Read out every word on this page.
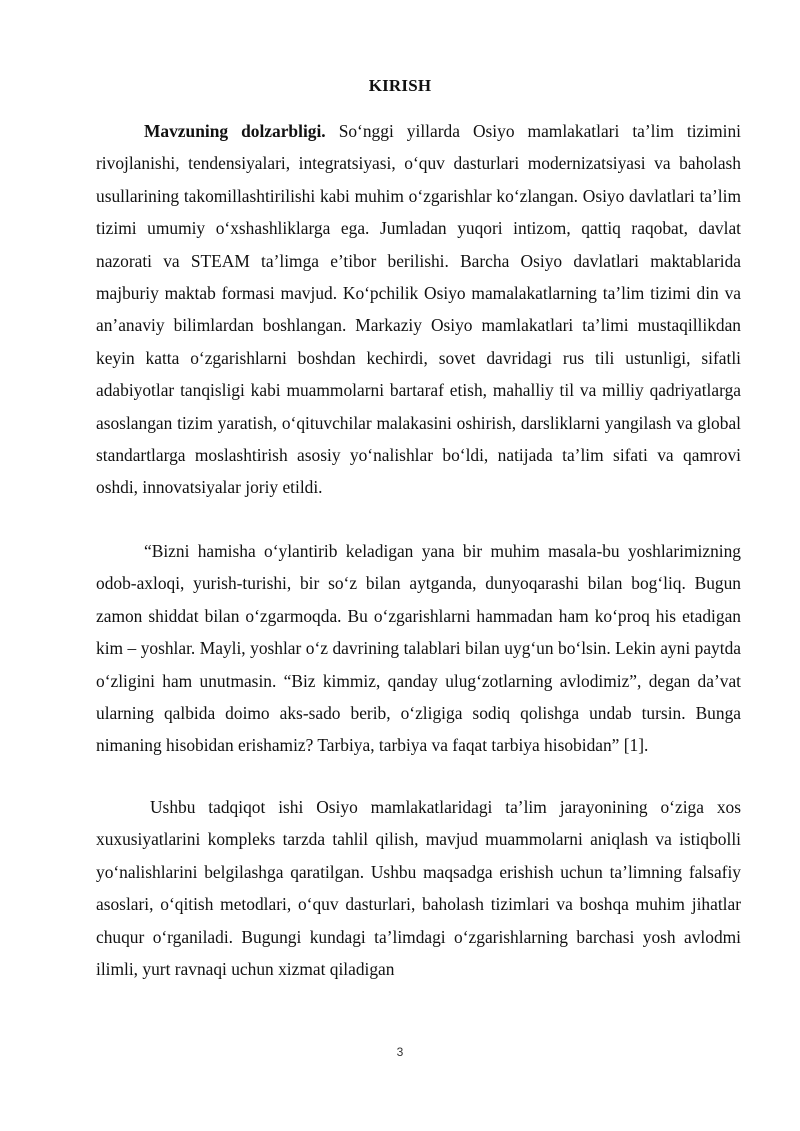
KIRISH

Mavzuning dolzarbligi. So‘nggi yillarda Osiyo mamlakatlari ta’lim tizimini rivojlanishi, tendensiyalari, integratsiyasi, o‘quv dasturlari modernizatsiyasi va baholash usullarining takomillashtirilishi kabi muhim o‘zgarishlar ko‘zlangan. Osiyo davlatlari ta’lim tizimi umumiy o‘xshashliklarga ega. Jumladan yuqori intizom, qattiq raqobat, davlat nazorati va STEAM ta’limga e’tibor berilishi. Barcha Osiyo davlatlari maktablarida majburiy maktab formasi mavjud. Ko‘pchilik Osiyo mamalakatlarning ta’lim tizimi din va an’anaviy bilimlardan boshlangan. Markaziy Osiyo mamlakatlari ta’limi mustaqillikdan keyin katta o‘zgarishlarni boshdan kechirdi, sovet davridagi rus tili ustunligi, sifatli adabiyotlar tanqisligi kabi muammolarni bartaraf etish, mahalliy til va milliy qadriyatlarga asoslangan tizim yaratish, o‘qituvchilar malakasini oshirish, darsliklarni yangilash va global standartlarga moslashtirish asosiy yo‘nalishlar bo‘ldi, natijada ta’lim sifati va qamrovi oshdi, innovatsiyalar joriy etildi.

“Bizni hamisha o‘ylantirib keladigan yana bir muhim masala-bu yoshlarimizning odob-axloqi, yurish-turishi, bir so‘z bilan aytganda, dunyoqarashi bilan bog‘liq. Bugun zamon shiddat bilan o‘zgarmoqda. Bu o‘zgarishlarni hammadan ham ko‘proq his etadigan kim – yoshlar. Mayli, yoshlar o‘z davrining talablari bilan uyg‘un bo‘lsin. Lekin ayni paytda o‘zligini ham unutmasin. “Biz kimmiz, qanday ulug‘zotlarning avlodimiz”, degan da’vat ularning qalbida doimo aks-sado berib, o‘zligiga sodiq qolishga undab tursin. Bunga nimaning hisobidan erishamiz? Tarbiya, tarbiya va faqat tarbiya hisobidan” [1].

Ushbu tadqiqot ishi Osiyo mamlakatlaridagi ta’lim jarayonining o‘ziga xos xuxusiyatlarini kompleks tarzda tahlil qilish, mavjud muammolarni aniqlash va istiqbolli yo‘nalishlarini belgilashga qaratilgan. Ushbu maqsadga erishish uchun ta’limning falsafiy asoslari, o‘qitish metodlari, o‘quv dasturlari, baholash tizimlari va boshqa muhim jihatlar chuqur o‘rganiladi. Bugungi kundagi ta’limdagi o‘zgarishlarning barchasi yosh avlodmi ilimli, yurt ravnaqi uchun xizmat qiladigan

3
